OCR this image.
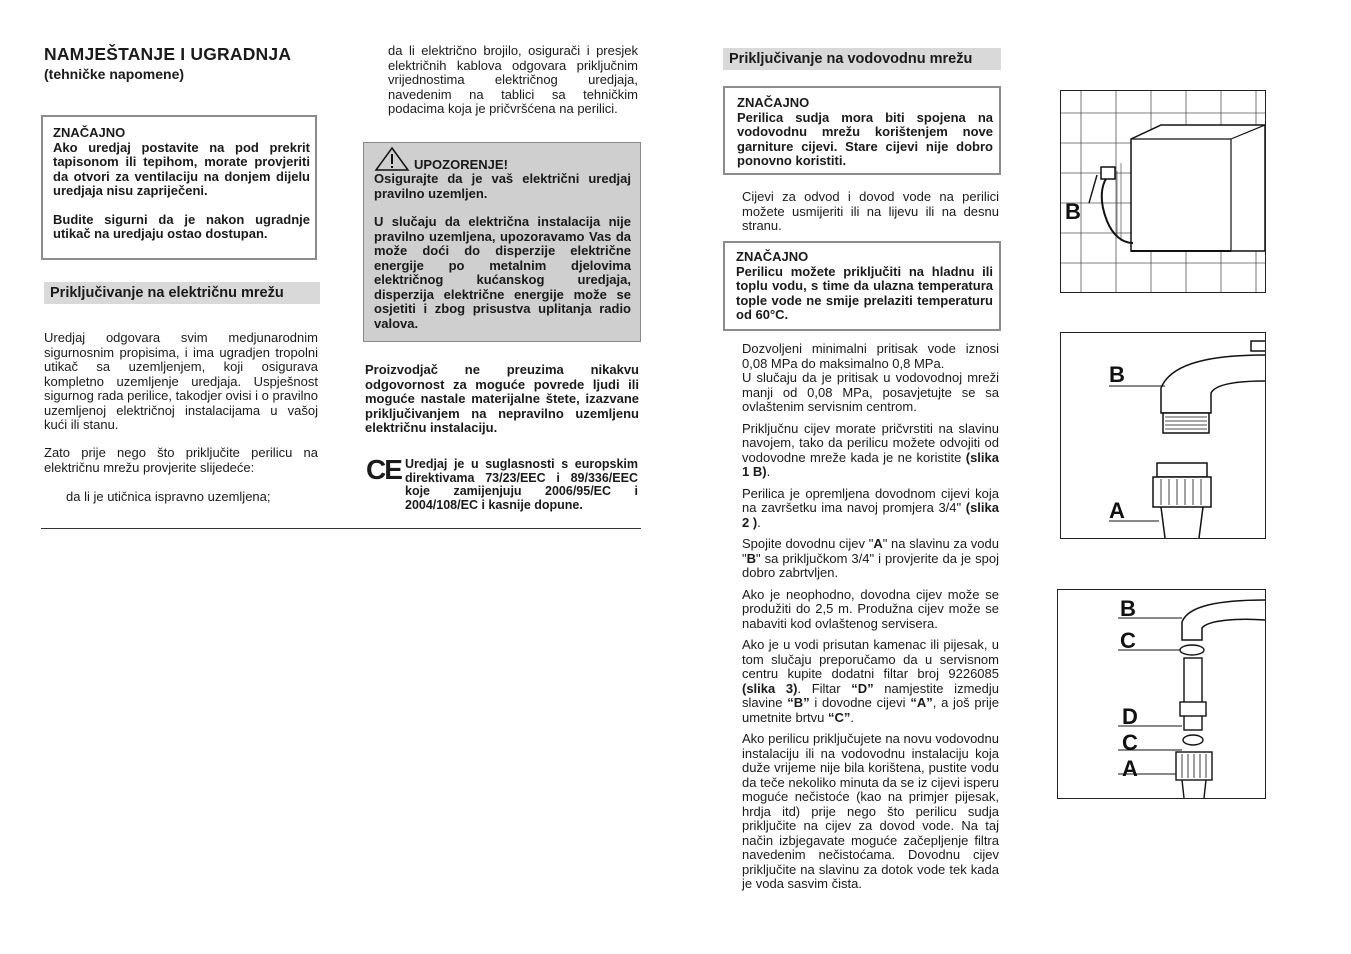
NAMJEŠTANJE I UGRADNJA
(tehničke napomene)

ZNAČAJNO

Ako uredjaj postavite na pod prekrit tapisonom ili tepihom, morate provjeriti da otvori za ventilaciju na donjem dijelu uredjaja nisu zapriječeni.

Budite sigurni da je nakon ugradnje utikač na uredjaju ostao dostupan.

Priključivanje na električnu mrežu

Uredjaj odgovara svim medjunarodnim sigurnosnim propisima, i ima ugradjen tropolni utikač sa uzemljenjem, koji osigurava kompletno uzemljenje uredjaja. Uspješnost sigurnog rada perilice, takodjer ovisi i o pravilno uzemljenoj električnoj instalacijama u vašoj kući ili stanu.

Zato prije nego što priključite perilicu na električnu mrežu provjerite slijedeće:

da li je utičnica ispravno uzemljena;

da li električno brojilo, osigurači i presjek električnih kablova odgovara priključnim vrijednostima električnog uredjaja, navedenim na tablici sa tehničkim podacima koja je pričvršćena na perilici.

UPOZORENJE!

Osigurajte da je vaš električni uredjaj pravilno uzemljen.

U slučaju da električna instalacija nije pravilno uzemljena, upozoravamo Vas da može doći do disperzije električne energije po metalnim djelovima električnog kućanskog uredjaja, disperzija električne energije može se osjetiti i zbog prisustva uplitanja radio valova.

Proizvodjač ne preuzima nikakvu odgovornost za moguće povrede ljudi ili moguće nastale materijalne štete, izazvane priključivanjem na nepravilno uzemljenu električnu instalaciju.

CE Uredjaj je u suglasnosti s europskim direktivama 73/23/EEC i 89/336/EEC koje zamijenjuju 2006/95/EC i 2004/108/EC i kasnije dopune.

Priključivanje na vodovodnu mrežu

ZNAČAJNO

Perilica sudja mora biti spojena na vodovodnu mrežu korištenjem nove garniture cijevi. Stare cijevi nije dobro ponovno koristiti.

Cijevi za odvod i dovod vode na perilici možete usmijeriti ili na lijevu ili na desnu stranu.

ZNAČAJNO

Perilicu možete priključiti na hladnu ili toplu vodu, s time da ulazna temperatura tople vode ne smije prelaziti temperaturu od 60°C.

Dozvoljeni minimalni pritisak vode iznosi 0,08 MPa do maksimalno 0,8 MPa.

U slučaju da je pritisak u vodovodnoj mreži manji od 0,08 MPa, posavjetujte se sa ovlaštenim servisnim centrom.

Priključnu cijev morate pričvrstiti na slavinu navojem, tako da perilicu možete odvojiti od vodovodne mreže kada je ne koristite (slika 1 B).

Perilica je opremljena dovodnom cijevi koja na završetku ima navoj promjera 3/4" (slika 2 ).

Spojite dovodnu cijev "A" na slavinu za vodu "B" sa priključkom 3/4" i provjerite da je spoj dobro zabrtvljen.

Ako je neophodno, dovodna cijev može se produžiti do 2,5 m. Produžna cijev može se nabaviti kod ovlaštenog servisera.

Ako je u vodi prisutan kamenac ili pijesak, u tom slučaju preporučamo da u servisnom centru kupite dodatni filtar broj 9226085 (slika 3). Filtar “D” namjestite izmedju slavine “B” i dovodne cijevi “A”, a još prije umetnite brtvu “C”.

Ako perilicu priključujete na novu vodovodnu instalaciju ili na vodovodnu instalaciju koja duže vrijeme nije bila korištena, pustite vodu da teče nekoliko minuta da se iz cijevi isperu moguće nečistoće (kao na primjer pijesak, hrdja itd) prije nego što perilicu sudja priključite na cijev za dovod vode. Na taj način izbjegavate moguće začepljenje filtra navedenim nečistoćama. Dovodnu cijev priključite na slavinu za dotok vode tek kada je voda sasvim čista.

B
B
A
B
C
D
C
A
